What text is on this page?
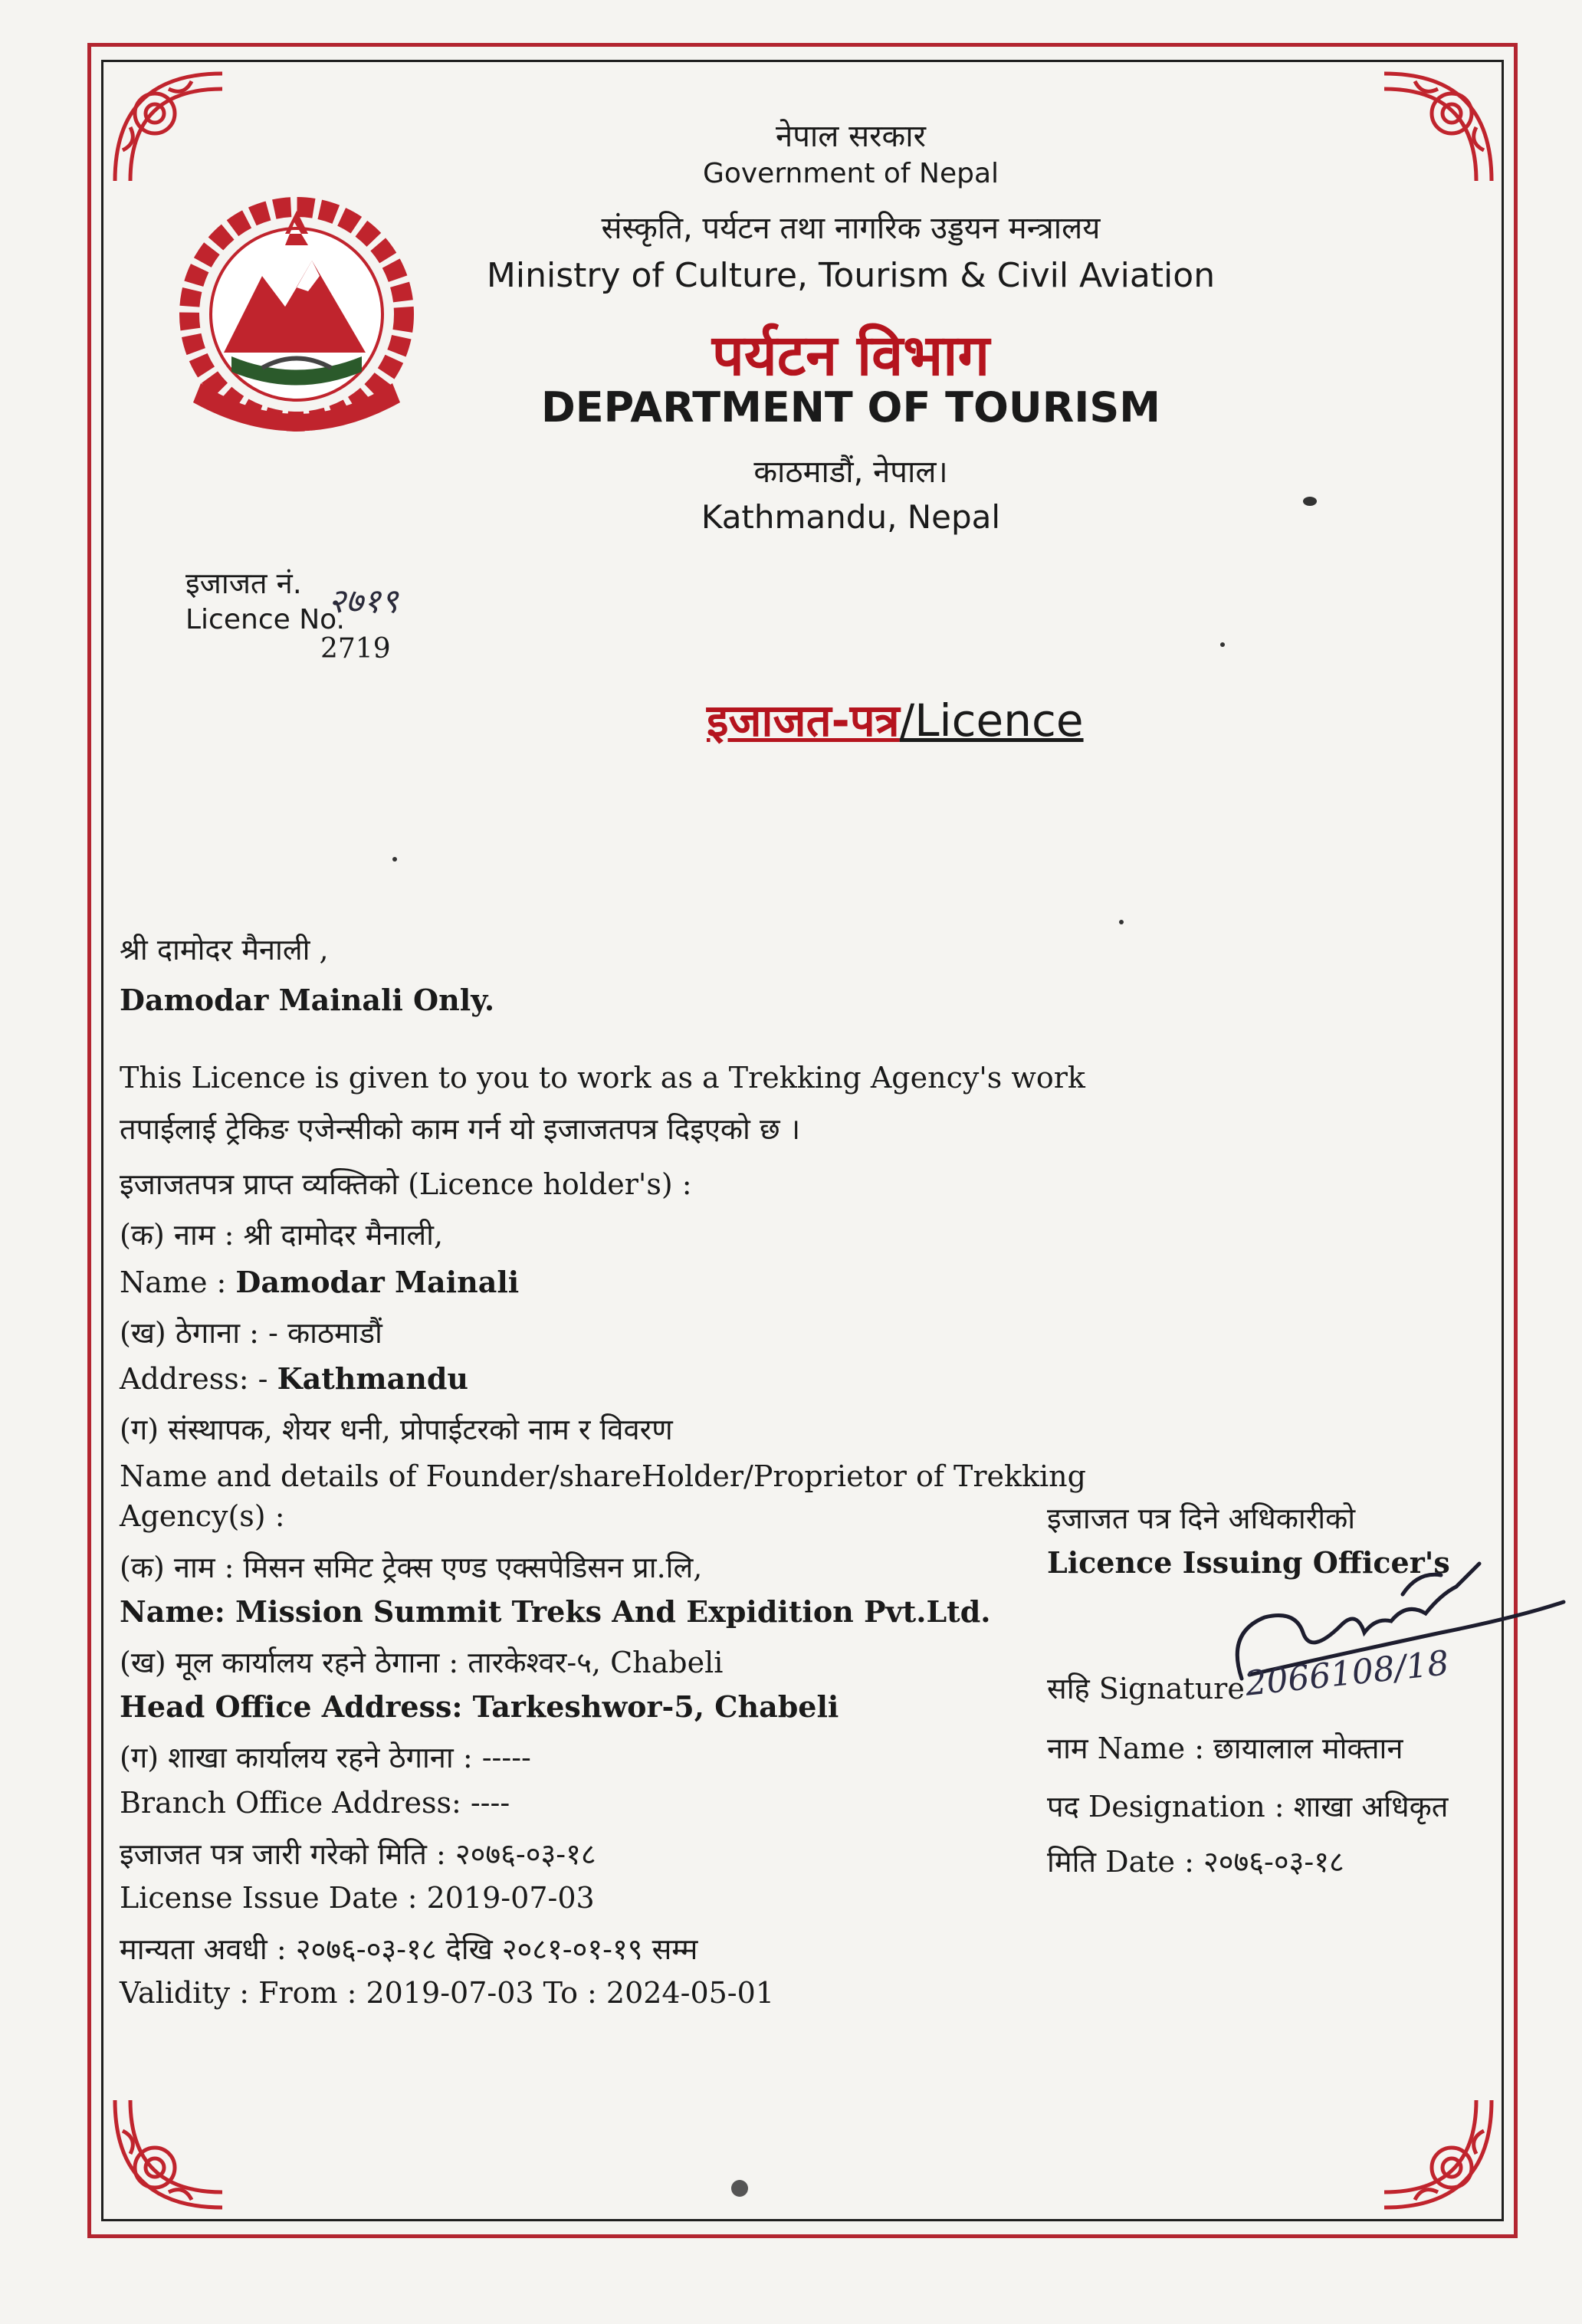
नेपाल सरकार
Government of Nepal
संस्कृति, पर्यटन तथा नागरिक उड्डयन मन्त्रालय
Ministry of Culture, Tourism & Civil Aviation
पर्यटन विभाग
DEPARTMENT OF TOURISM
काठमाडौं, नेपाल।
Kathmandu, Nepal
इजाजत नं.
Licence No.
२७१९
2719
इजाजत-पत्र/Licence
श्री दामोदर मैनाली ,
Damodar Mainali Only.
This Licence is given to you to work as a Trekking Agency's work
तपाईलाई ट्रेकिङ एजेन्सीको काम गर्न यो इजाजतपत्र दिइएको छ ।
इजाजतपत्र प्राप्त व्यक्तिको (Licence holder's) :
(क) नाम : श्री दामोदर मैनाली,
Name : Damodar Mainali
(ख) ठेगाना : - काठमाडौं
Address: - Kathmandu
(ग) संस्थापक, शेयर धनी, प्रोपाईटरको नाम र विवरण
Name and details of Founder/shareHolder/Proprietor of Trekking
Agency(s) :
(क) नाम : मिसन समिट ट्रेक्स एण्ड एक्सपेडिसन प्रा.लि,
Name: Mission Summit Treks And Expidition Pvt.Ltd.
(ख) मूल कार्यालय रहने ठेगाना : तारकेश्वर-५, Chabeli
Head Office Address: Tarkeshwor-5, Chabeli
(ग) शाखा कार्यालय रहने ठेगाना : -----
Branch Office Address: ----
इजाजत पत्र जारी गरेको मिति : २०७६-०३-१८
License Issue Date : 2019-07-03
मान्यता अवधी : २०७६-०३-१८ देखि २०८१-०१-१९ सम्म
Validity : From : 2019-07-03 To : 2024-05-01
इजाजत पत्र दिने अधिकारीको
Licence Issuing Officer's
सहि Signature
नाम Name : छायालाल मोक्तान
पद Designation : शाखा अधिकृत
मिति Date : २०७६-०३-१८
2066108/18
